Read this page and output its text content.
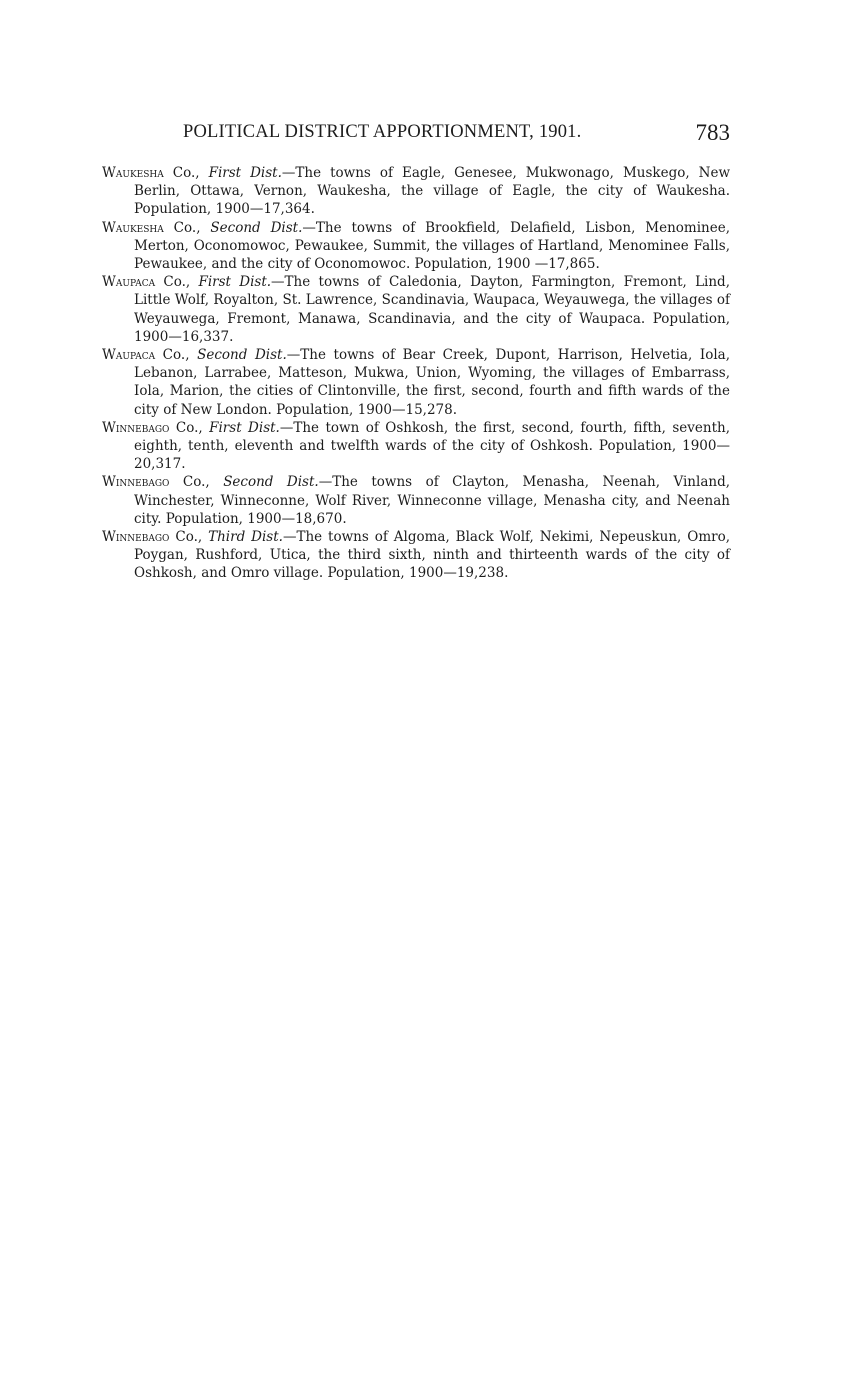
POLITICAL DISTRICT APPORTIONMENT, 1901.	783

Waukesha Co., First Dist.—The towns of Eagle, Genesee, Mukwonago, Muskego, New Berlin, Ottawa, Vernon, Waukesha, the village of Eagle, the city of Waukesha. Population, 1900—17,364.

Waukesha Co., Second Dist.—The towns of Brookfield, Delafield, Lisbon, Menominee, Merton, Oconomowoc, Pewaukee, Summit, the villages of Hartland, Menominee Falls, Pewaukee, and the city of Oconomowoc. Population, 1900 —17,865.

Waupaca Co., First Dist.—The towns of Caledonia, Dayton, Farmington, Fremont, Lind, Little Wolf, Royalton, St. Lawrence, Scandinavia, Waupaca, Weyauwega, the villages of Weyauwega, Fremont, Manawa, Scandinavia, and the city of Waupaca. Population, 1900—16,337.

Waupaca Co., Second Dist.—The towns of Bear Creek, Dupont, Harrison, Helvetia, Iola, Lebanon, Larrabee, Matteson, Mukwa, Union, Wyoming, the villages of Embarrass, Iola, Marion, the cities of Clintonville, the first, second, fourth and fifth wards of the city of New London. Population, 1900—15,278.

Winnebago Co., First Dist.—The town of Oshkosh, the first, second, fourth, fifth, seventh, eighth, tenth, eleventh and twelfth wards of the city of Oshkosh. Population, 1900—20,317.

Winnebago Co., Second Dist.—The towns of Clayton, Menasha, Neenah, Vinland, Winchester, Winneconne, Wolf River, Winneconne village, Menasha city, and Neenah city. Population, 1900—18,670.

Winnebago Co., Third Dist.—The towns of Algoma, Black Wolf, Nekimi, Nepeuskun, Omro, Poygan, Rushford, Utica, the third sixth, ninth and thirteenth wards of the city of Oshkosh, and Omro village. Population, 1900—19,238.
